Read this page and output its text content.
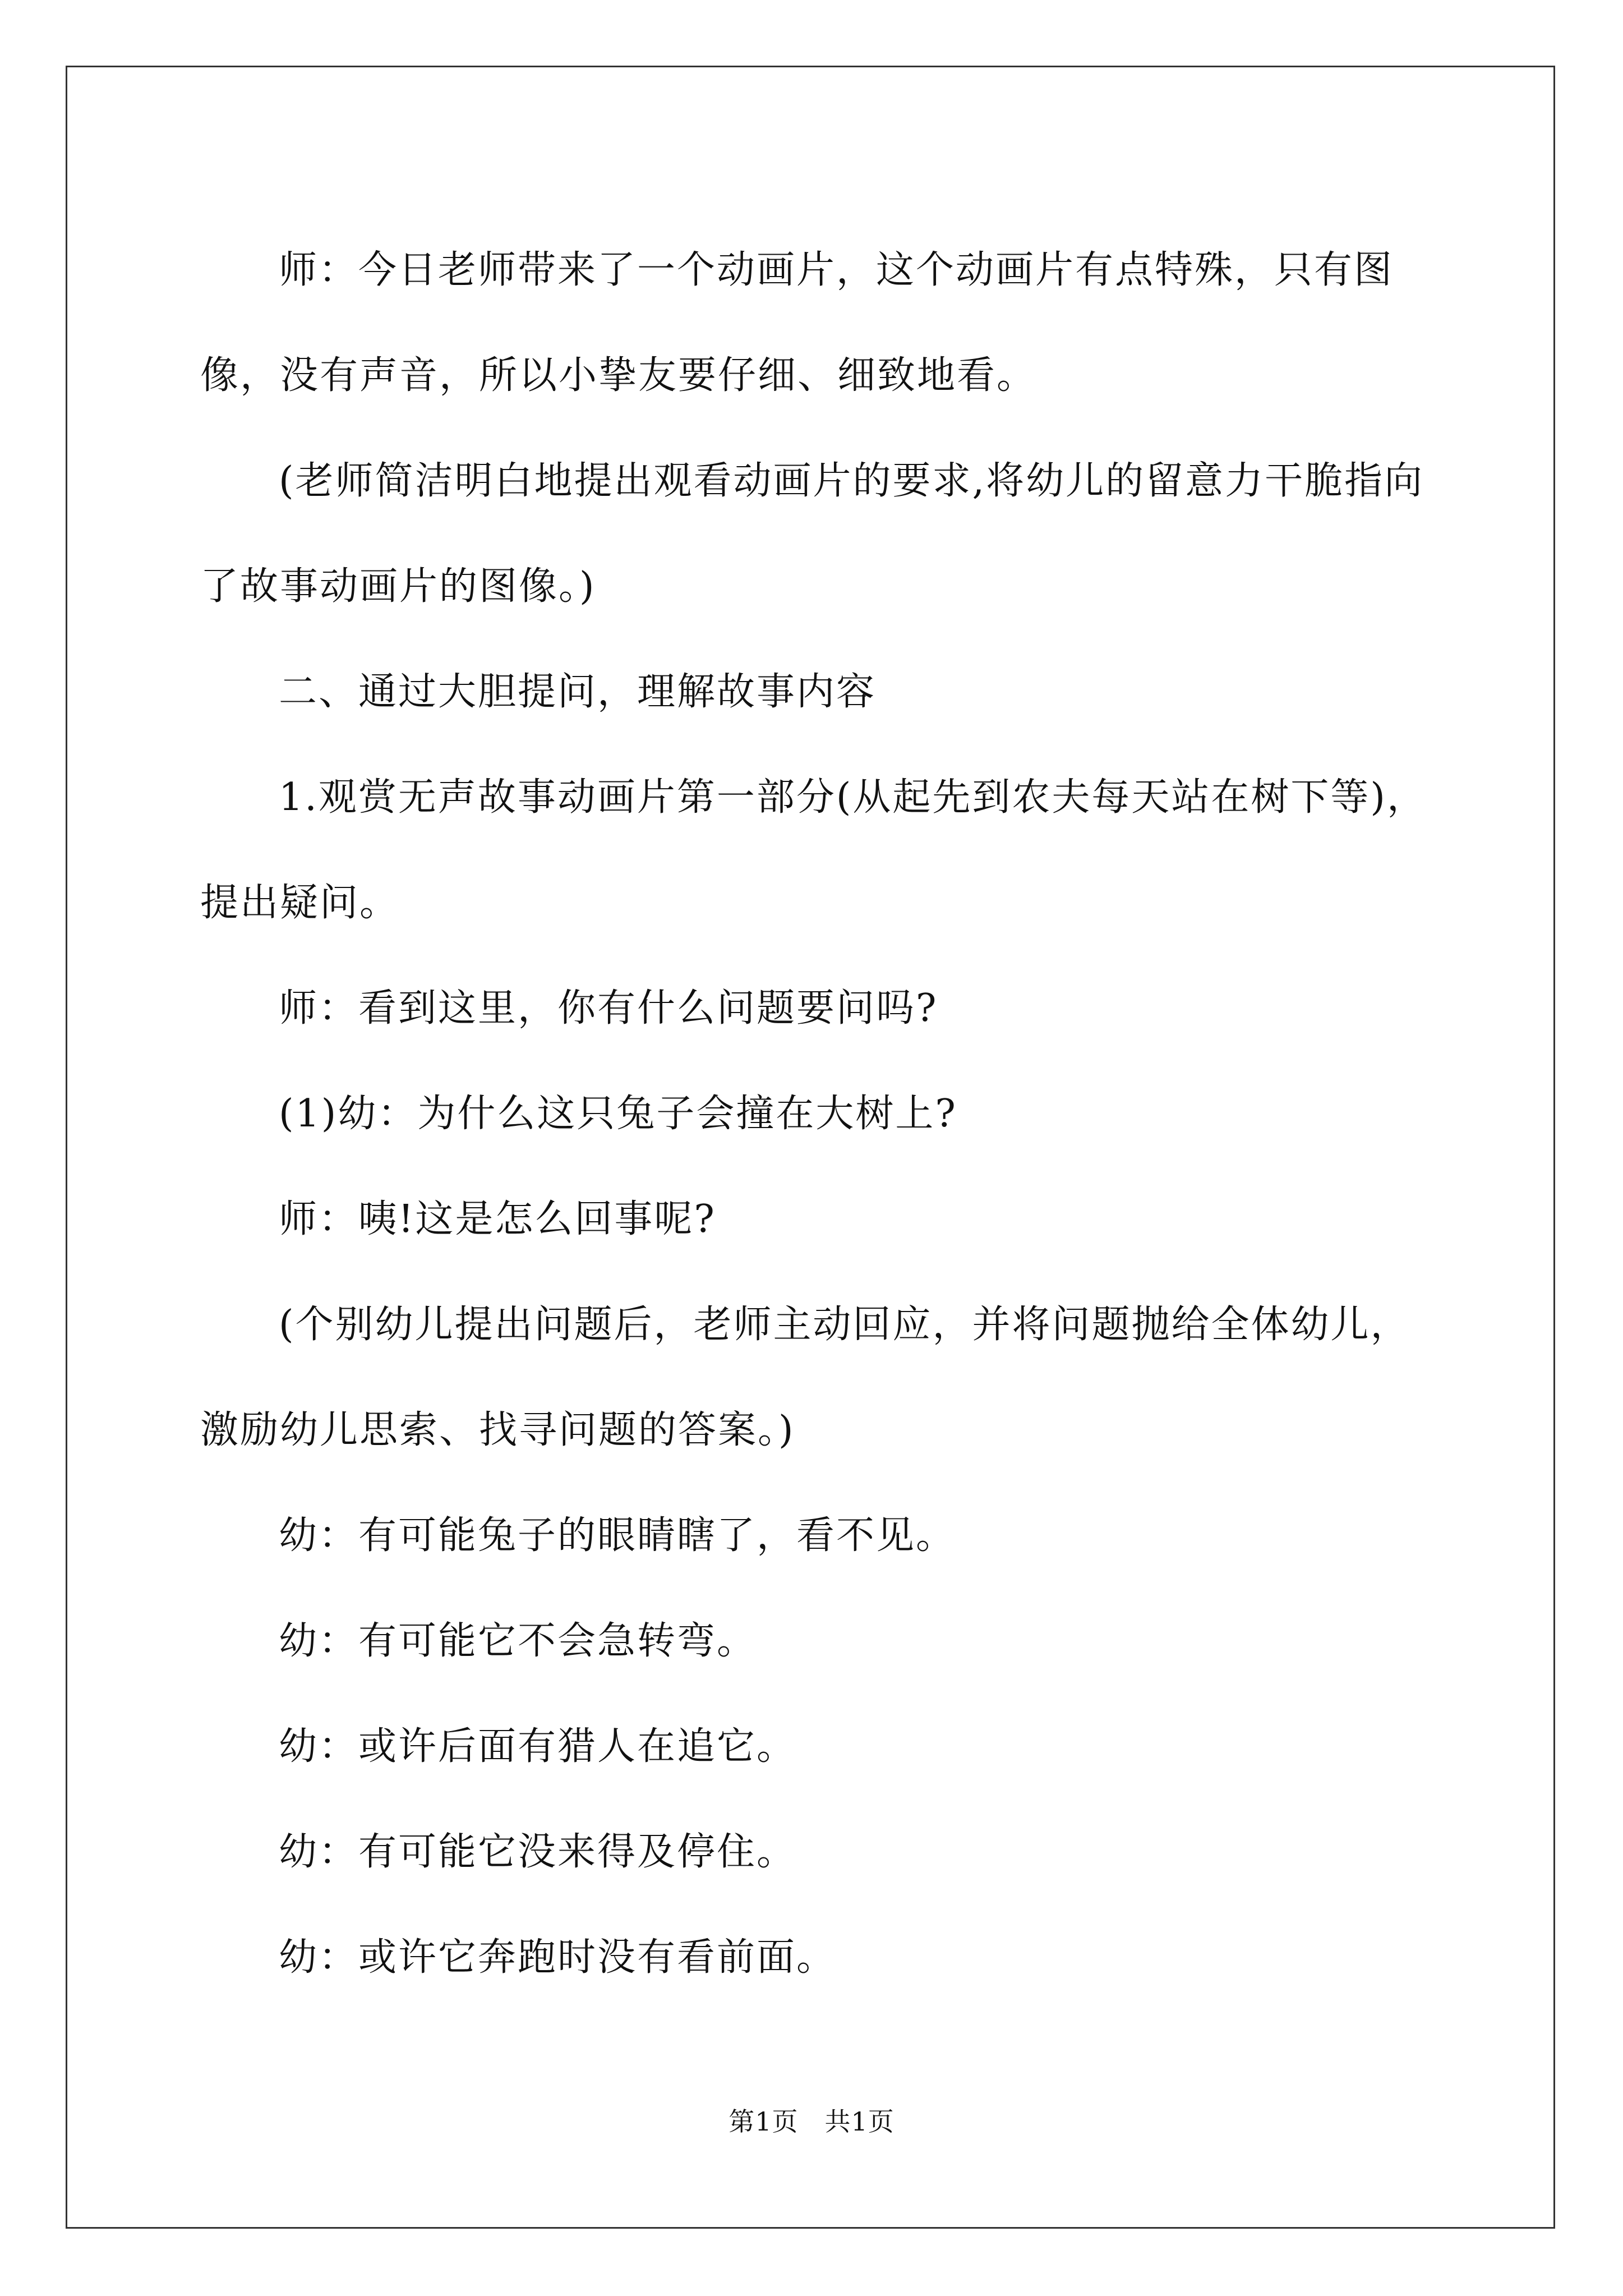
师：今日老师带来了一个动画片，这个动画片有点特殊，只有图像，没有声音，所以小挚友要仔细、细致地看。

(老师简洁明白地提出观看动画片的要求,将幼儿的留意力干脆指向了故事动画片的图像。)

二、通过大胆提问，理解故事内容

1.观赏无声故事动画片第一部分(从起先到农夫每天站在树下等)，提出疑问。

师：看到这里，你有什么问题要问吗?

(1)幼：为什么这只兔子会撞在大树上?

师：咦!这是怎么回事呢?

(个别幼儿提出问题后，老师主动回应，并将问题抛给全体幼儿，激励幼儿思索、找寻问题的答案。)

幼：有可能兔子的眼睛瞎了，看不见。

幼：有可能它不会急转弯。

幼：或许后面有猎人在追它。

幼：有可能它没来得及停住。

幼：或许它奔跑时没有看前面。

第1页　共1页
